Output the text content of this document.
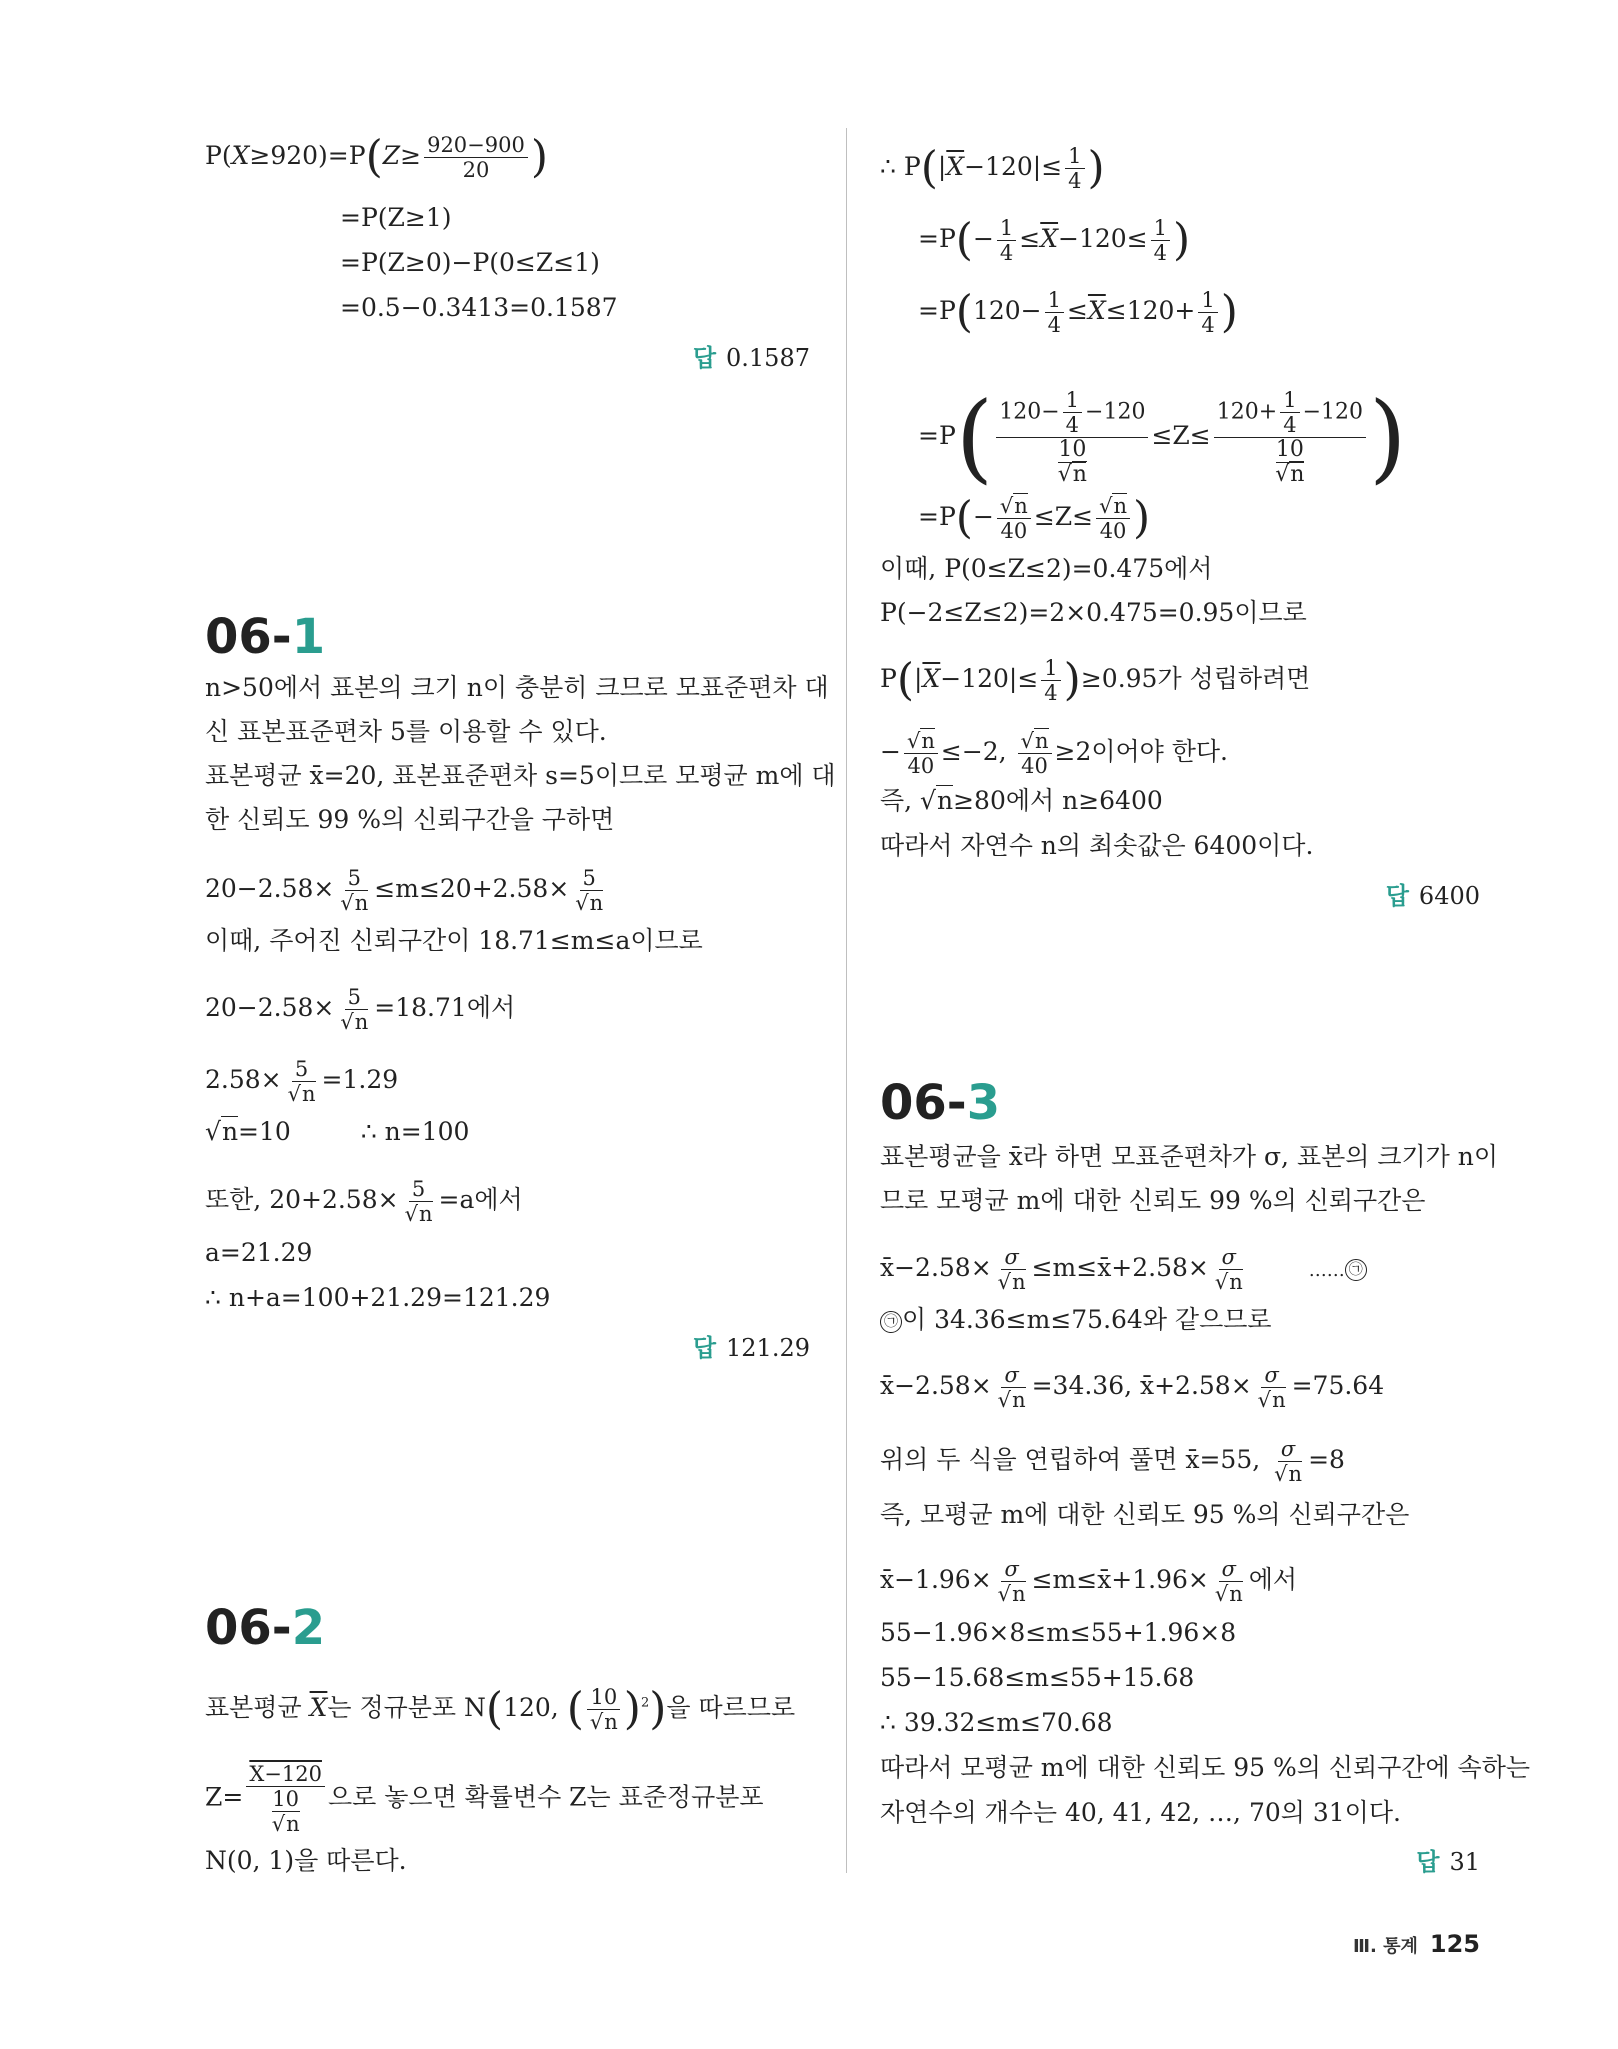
$P(X\ge 920)=P(Z\ge \frac{920-900}{20}$ )
=P(Z≥1)
=P(Z≥0)−P(0≤Z≤1)
=0.5−0.3413=0.1587
답 0.1587
06-1
n>50에서 표본의 크기 n이 충분히 크므로 모표준편차 대
신 표본표준편차 5를 이용할 수 있다.
표본평균 x̄=20, 표본표준편차 s=5이므로 모평균 m에 대
한 신뢰도 99 %의 신뢰구간을 구하면
$20-2.58\times \frac{5}{√n} \le m\le 20+2.58\times \frac{5}{√n}$
이때, 주어진 신뢰구간이 18.71≤m≤a이므로
$20-2.58\times \frac{5}{√n} =18.71$에서
$2.58\times \frac{5}{√n} =1.29$
√n=10	∴ n=100
또한, $20+2.58\times \frac{5}{√n} =a$에서
a=21.29
∴ n+a=100+21.29=121.29
답 121.29
06-2
표본평균 $\overline{X}$는 정규분포 N(120, ( $\frac{10}{√n} )^2$)을 따르므로
Z= X−120
10
√n 으로 놓으면 확률변수 Z는 표준정규분포
N(0, 1)을 따른다.
∴ $P(|\overline{X}-120|\le \frac{1}{4}$ )
$=P(- \frac{1}{4} \le\overline{X}-120\le \frac{1}{4}$ )
$=P(120- \frac{1}{4} \le\overline{X}\le 120+ \frac{1}{4}$ )
=P( $120- \frac{1}{4} -120$
10
$√n \le Z\le 120+ \frac{1}{4} -120$
10
√n )
$=P(- \frac{√n}{40} \le Z\le \frac{√n}{40}$ )
이때, P(0≤Z≤2)=0.475에서
P(−2≤Z≤2)=2×0.475=0.95이므로
$P(|\overline{X}-120|\le \frac{1}{4} )\ge 0.95$가 성립하려면
− $\frac{√n}{40} \le-2$, $\frac{√n}{40} \ge 2$이어야 한다.
즉, √n≥80에서 n≥6400
따라서 자연수 n의 최솟값은 6400이다.
답 6400
06-3
표본평균을 x̄라 하면 모표준편차가 σ, 표본의 크기가 n이
므로 모평균 m에 대한 신뢰도 99 %의 신뢰구간은
x̄−2.58× $\frac{\sigma}{√n}$ ≤m≤x̄+2.58× $\frac{\sigma}{√n}$	…… ㉠
㉠ 이 34.36≤m≤75.64와 같으므로
x̄−2.58× $\frac{\sigma}{√n} =34.36$, x̄+2.58× $\frac{\sigma}{√n} =75.64$
위의 두 식을 연립하여 풀면 x̄=55, $\frac{\sigma}{√n} =8$
즉, 모평균 m에 대한 신뢰도 95 %의 신뢰구간은
x̄−1.96× $\frac{\sigma}{√n}$ ≤m≤x̄+1.96× $\frac{\sigma}{√n}$ 에서
55−1.96×8≤m≤55+1.96×8
55−15.68≤m≤55+15.68
∴ 39.32≤m≤70.68
따라서 모평균 m에 대한 신뢰도 95 %의 신뢰구간에 속하는
자연수의 개수는 40, 41, 42, …, 70의 31이다.
답 31
Ⅲ. 통계 125
